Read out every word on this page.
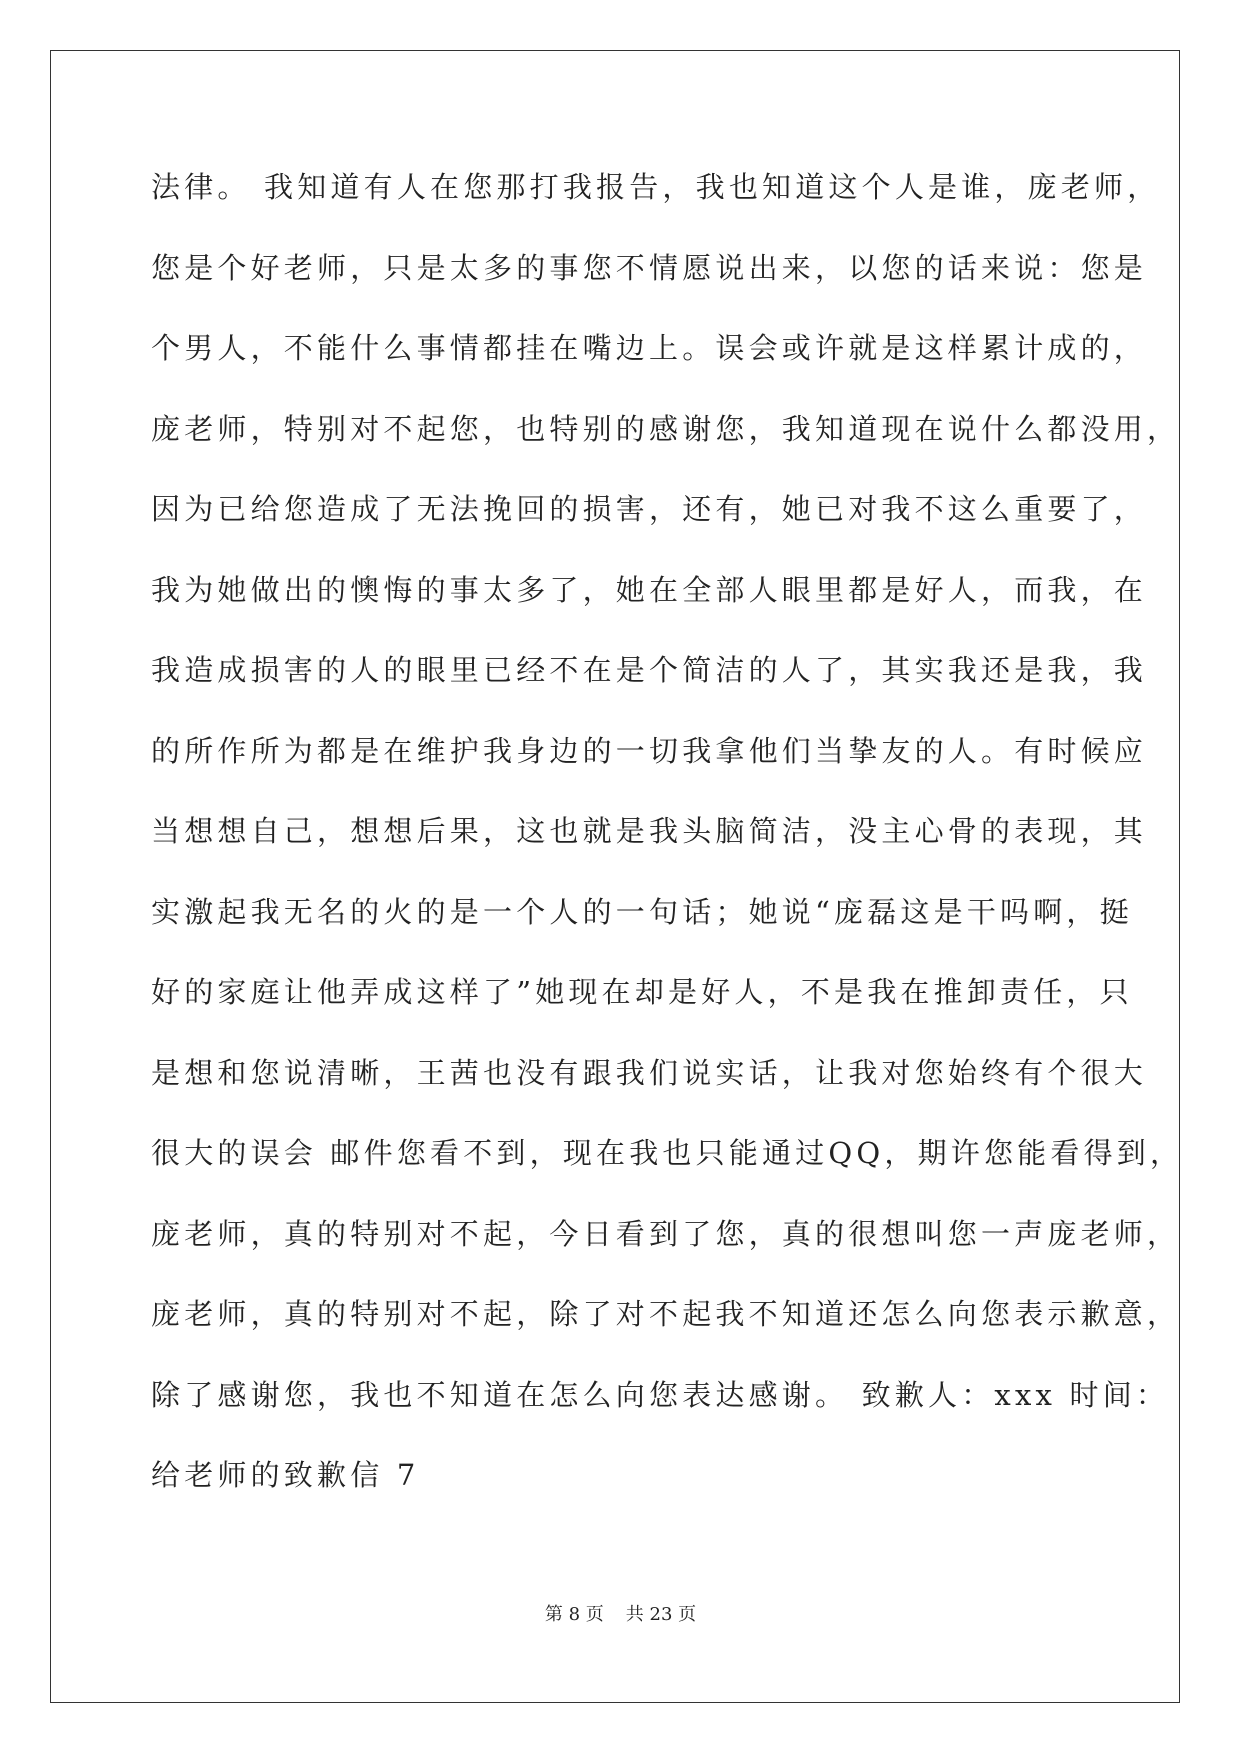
法律。 我知道有人在您那打我报告，我也知道这个人是谁，庞老师，
您是个好老师，只是太多的事您不情愿说出来，以您的话来说：您是
个男人，不能什么事情都挂在嘴边上。误会或许就是这样累计成的，
庞老师，特别对不起您，也特别的感谢您，我知道现在说什么都没用，
因为已给您造成了无法挽回的损害，还有，她已对我不这么重要了，
我为她做出的懊悔的事太多了，她在全部人眼里都是好人，而我，在
我造成损害的人的眼里已经不在是个简洁的人了，其实我还是我，我
的所作所为都是在维护我身边的一切我拿他们当挚友的人。有时候应
当想想自己，想想后果，这也就是我头脑简洁，没主心骨的表现，其
实激起我无名的火的是一个人的一句话；她说“庞磊这是干吗啊，挺
好的家庭让他弄成这样了”她现在却是好人，不是我在推卸责任，只
是想和您说清晰，王茜也没有跟我们说实话，让我对您始终有个很大
很大的误会 邮件您看不到，现在我也只能通过QQ，期许您能看得到，
庞老师，真的特别对不起，今日看到了您，真的很想叫您一声庞老师，
庞老师，真的特别对不起，除了对不起我不知道还怎么向您表示歉意，
除了感谢您，我也不知道在怎么向您表达感谢。 致歉人：xxx 时间：
给老师的致歉信 7
第 8 页 共 23 页
